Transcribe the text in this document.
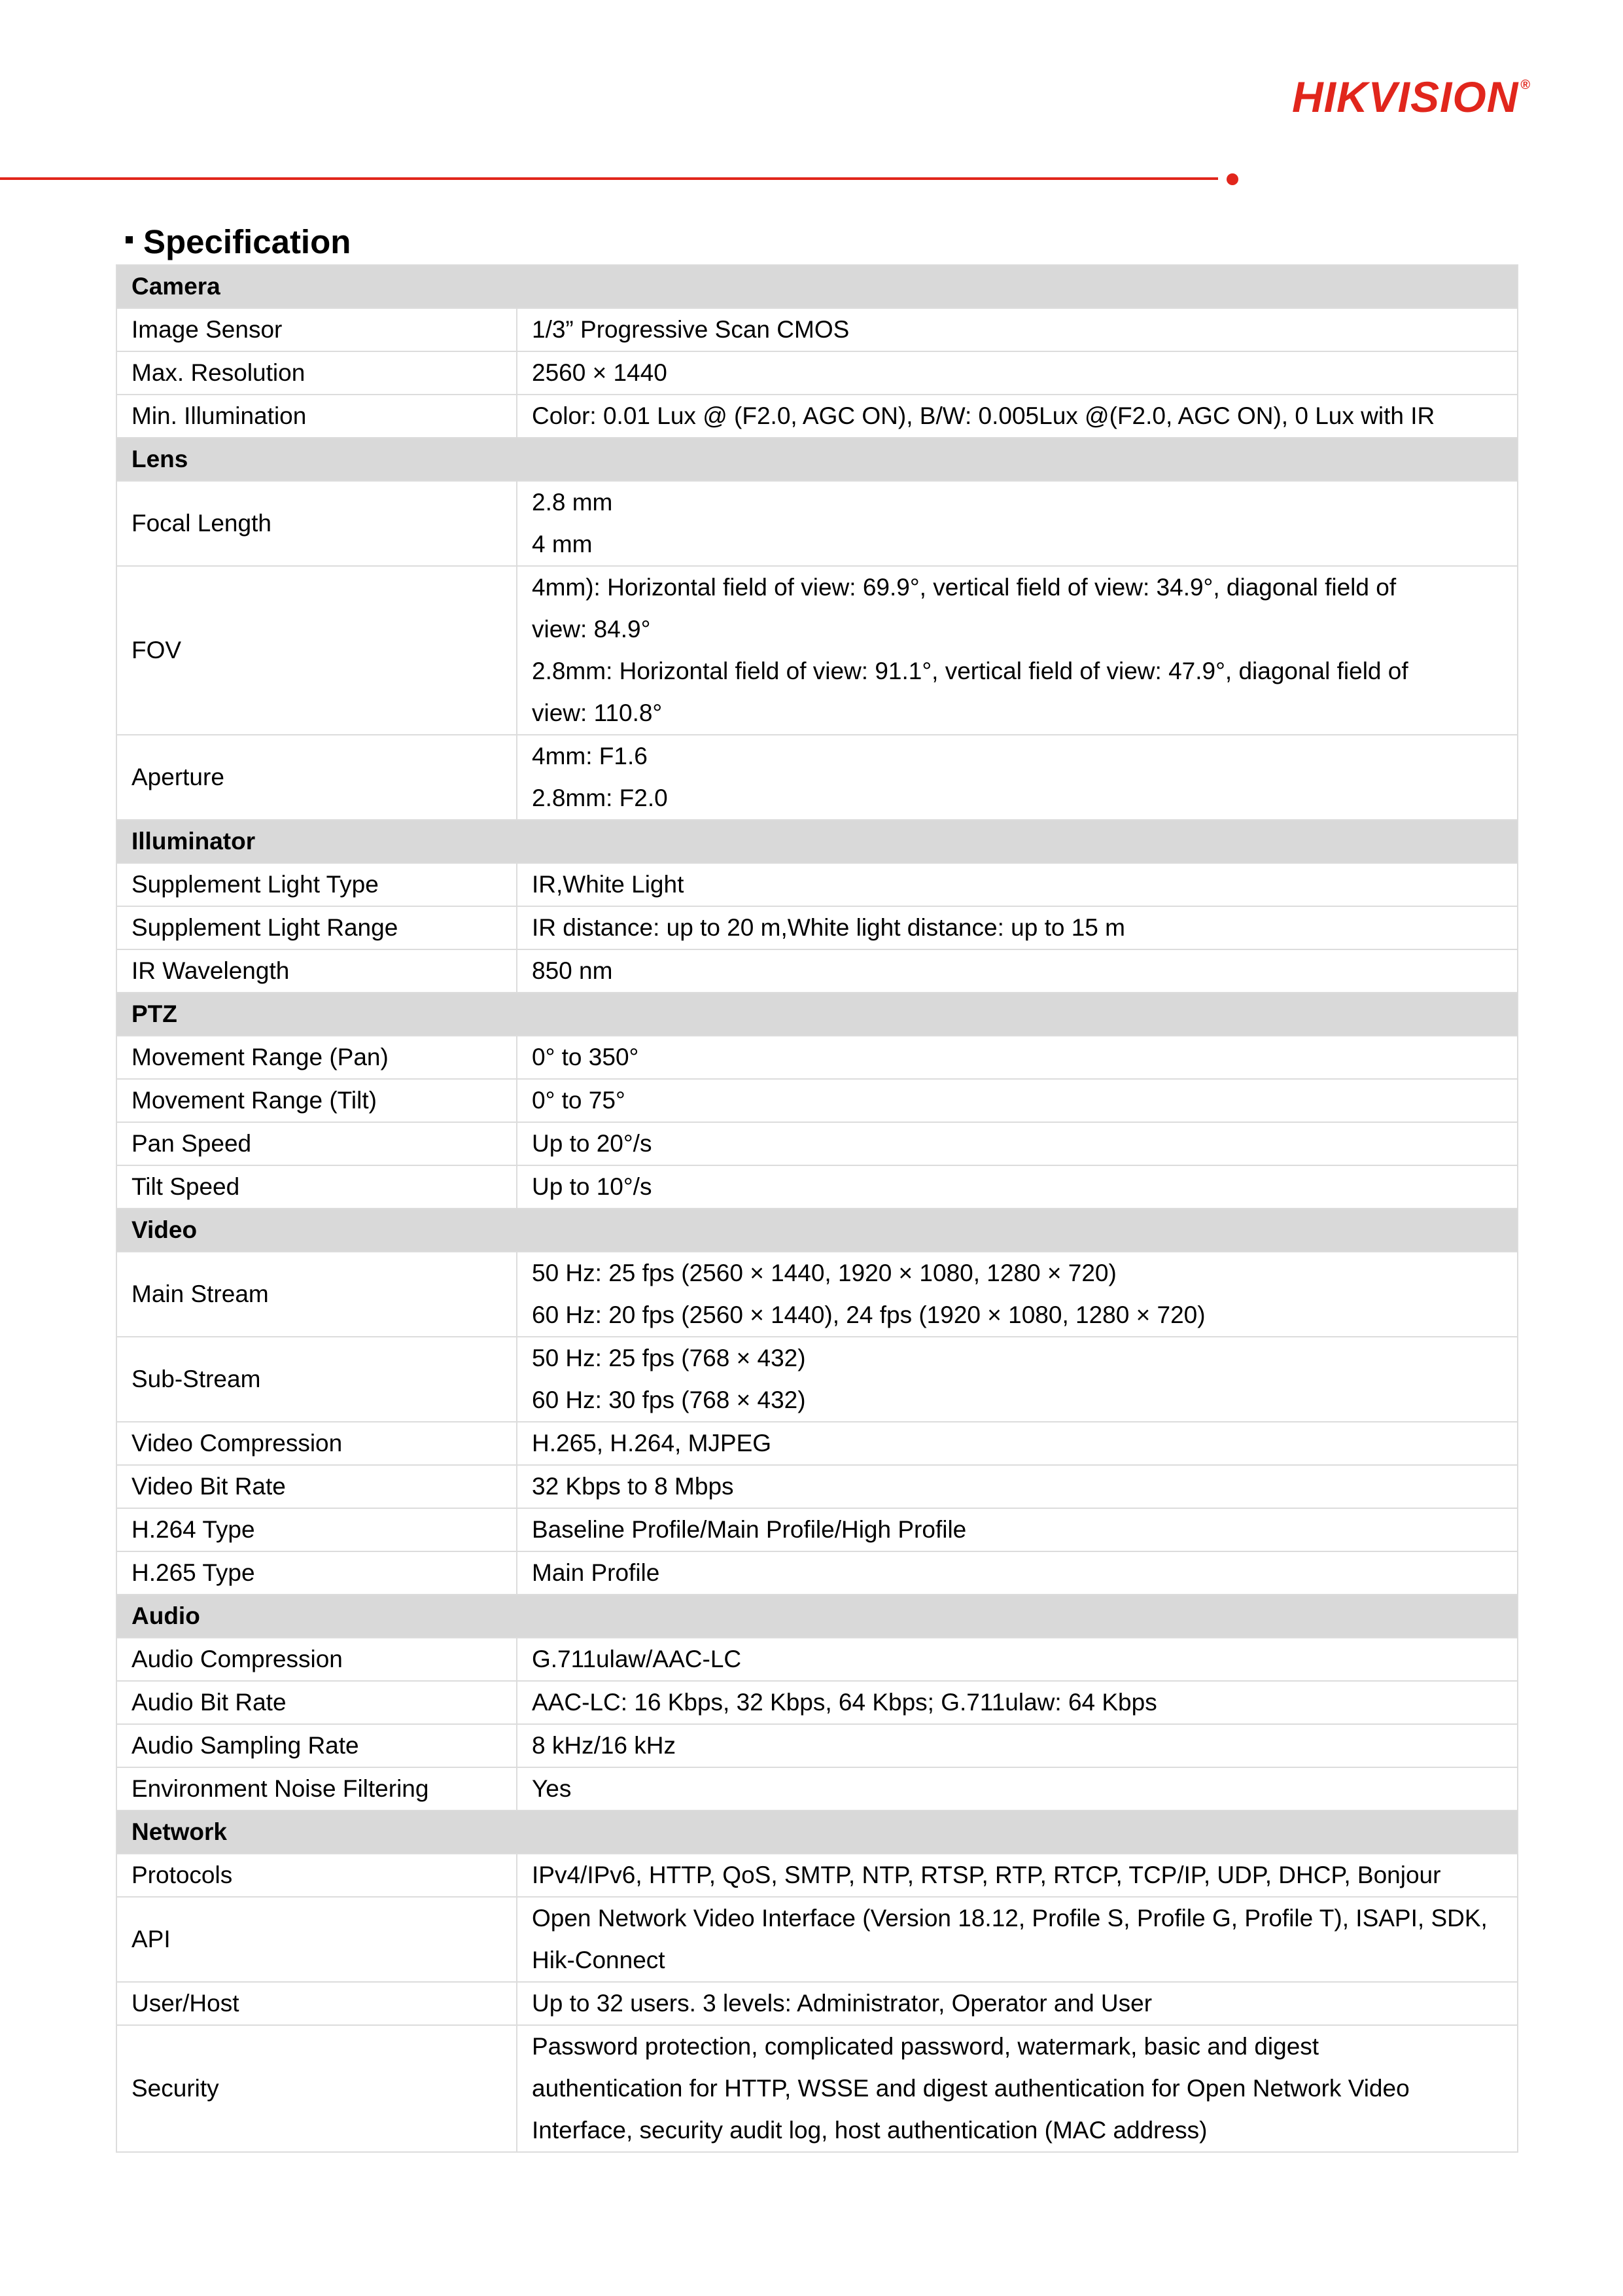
HIKVISION ®
Specification
Camera	
Image Sensor	1/3” Progressive Scan CMOS

Max. Resolution	2560 × 1440

Min. Illumination	Color: 0.01 Lux @ (F2.0, AGC ON), B/W: 0.005Lux @(F2.0, AGC ON), 0 Lux with IR

Lens	
Focal Length	2.8 mm
4 mm

FOV	4mm): Horizontal field of view: 69.9°, vertical field of view: 34.9°, diagonal field of
view: 84.9°
2.8mm: Horizontal field of view: 91.1°, vertical field of view: 47.9°, diagonal field of
view: 110.8°

Aperture	4mm: F1.6
2.8mm: F2.0

Illuminator	
Supplement Light Type	IR,White Light

Supplement Light Range	IR distance: up to 20 m,White light distance: up to 15 m

IR Wavelength	850 nm

PTZ	
Movement Range (Pan)	0° to 350°

Movement Range (Tilt)	0° to 75°

Pan Speed	Up to 20°/s

Tilt Speed	Up to 10°/s

Video	
Main Stream	50 Hz: 25 fps (2560 × 1440, 1920 × 1080, 1280 × 720)
60 Hz: 20 fps (2560 × 1440), 24 fps (1920 × 1080, 1280 × 720)

Sub-Stream	50 Hz: 25 fps (768 × 432)
60 Hz: 30 fps (768 × 432)

Video Compression	H.265, H.264, MJPEG

Video Bit Rate	32 Kbps to 8 Mbps

H.264 Type	Baseline Profile/Main Profile/High Profile

H.265 Type	Main Profile

Audio	
Audio Compression	G.711ulaw/AAC-LC

Audio Bit Rate	AAC-LC: 16 Kbps, 32 Kbps, 64 Kbps; G.711ulaw: 64 Kbps

Audio Sampling Rate	8 kHz/16 kHz

Environment Noise Filtering	Yes

Network	
Protocols	IPv4/IPv6, HTTP, QoS, SMTP, NTP, RTSP, RTP, RTCP, TCP/IP, UDP, DHCP, Bonjour

API	Open Network Video Interface (Version 18.12, Profile S, Profile G, Profile T), ISAPI, SDK,
Hik-Connect

User/Host	Up to 32 users. 3 levels: Administrator, Operator and User

Security	Password protection, complicated password, watermark, basic and digest
authentication for HTTP, WSSE and digest authentication for Open Network Video
Interface, security audit log, host authentication (MAC address)
